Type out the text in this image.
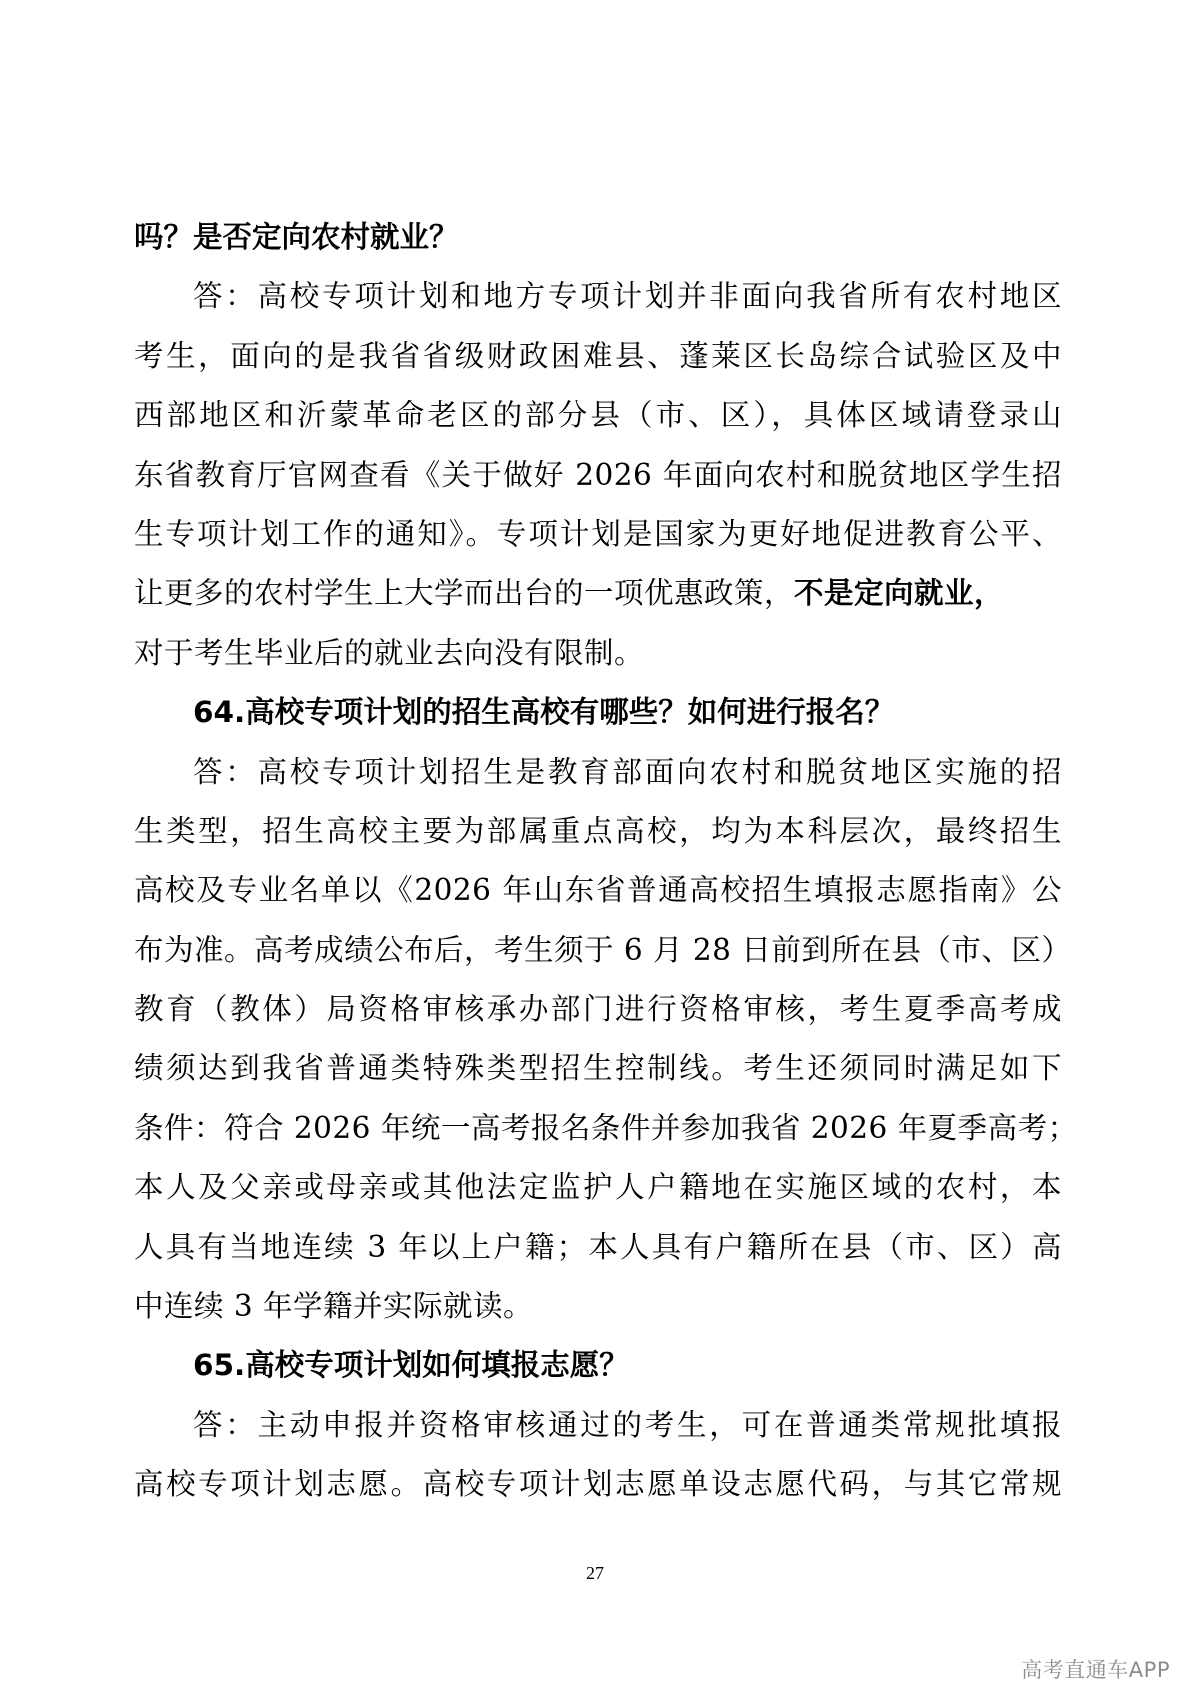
吗？是否定向农村就业？
答：高校专项计划和地方专项计划并非面向我省所有农村地区
考生，面向的是我省省级财政困难县、蓬莱区长岛综合试验区及中
西部地区和沂蒙革命老区的部分县（市、区），具体区域请登录山
东省教育厅官网查看《关于做好 2026 年面向农村和脱贫地区学生招
生专项计划工作的通知》。专项计划是国家为更好地促进教育公平、
让更多的农村学生上大学而出台的一项优惠政策，不是定向就业，
对于考生毕业后的就业去向没有限制。
64.高校专项计划的招生高校有哪些？如何进行报名？
答：高校专项计划招生是教育部面向农村和脱贫地区实施的招
生类型，招生高校主要为部属重点高校，均为本科层次，最终招生
高校及专业名单以《2026 年山东省普通高校招生填报志愿指南》公
布为准。高考成绩公布后，考生须于 6 月 28 日前到所在县（市、区）
教育（教体）局资格审核承办部门进行资格审核，考生夏季高考成
绩须达到我省普通类特殊类型招生控制线。考生还须同时满足如下
条件：符合 2026 年统一高考报名条件并参加我省 2026 年夏季高考；
本人及父亲或母亲或其他法定监护人户籍地在实施区域的农村，本
人具有当地连续 3 年以上户籍；本人具有户籍所在县（市、区）高
中连续 3 年学籍并实际就读。
65.高校专项计划如何填报志愿？
答：主动申报并资格审核通过的考生，可在普通类常规批填报
高校专项计划志愿。高校专项计划志愿单设志愿代码，与其它常规
27
高考直通车APP
